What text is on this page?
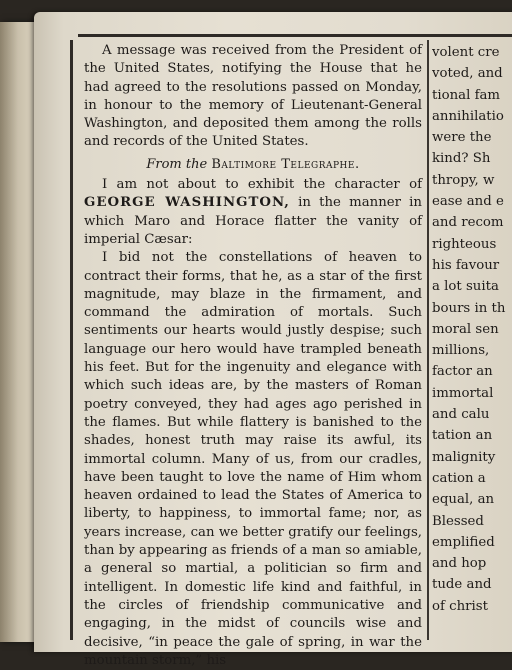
A message was received from the President of the United States, notifying the House that he had agreed to the resolutions passed on Monday, in honour to the memory of Lieutenant-General Washington, and deposited them among the rolls and records of the United States.

From the Baltimore Telegraphe.

I am not about to exhibit the character of GEORGE WASHINGTON, in the manner in which Maro and Horace flatter the vanity of imperial Cæsar:

I bid not the constellations of heaven to contract their forms, that he, as a star of the first magnitude, may blaze in the firmament, and command the admiration of mortals. Such sentiments our hearts would justly despise; such language our hero would have trampled beneath his feet. But for the ingenuity and elegance with which such ideas are, by the masters of Roman poetry conveyed, they had ages ago perished in the flames. But while flattery is banished to the shades, honest truth may raise its awful, its immortal column. Many of us, from our cradles, have been taught to love the name of Him whom heaven ordained to lead the States of America to liberty, to happiness, to immortal fame; nor, as years increase, can we better gratify our feelings, than by appearing as friends of a man so amiable, a general so martial, a politician so firm and intelligent. In domestic life kind and faithful, in the circles of friendship communicative and engaging, in the midst of councils wise and decisive, “in peace the gale of spring, in war the mountain storm,” his

volent cre
voted, and
tional fam
annihilatio
were the
kind? Sh
thropy, w
ease and e
and recom
righteous
his favour
a lot suita
bours in th
moral sen
millions,
factor an
immortal
and calu
tation an
malignity
cation a
equal, an
Blessed
emplified
and hop
tude and
of christ
